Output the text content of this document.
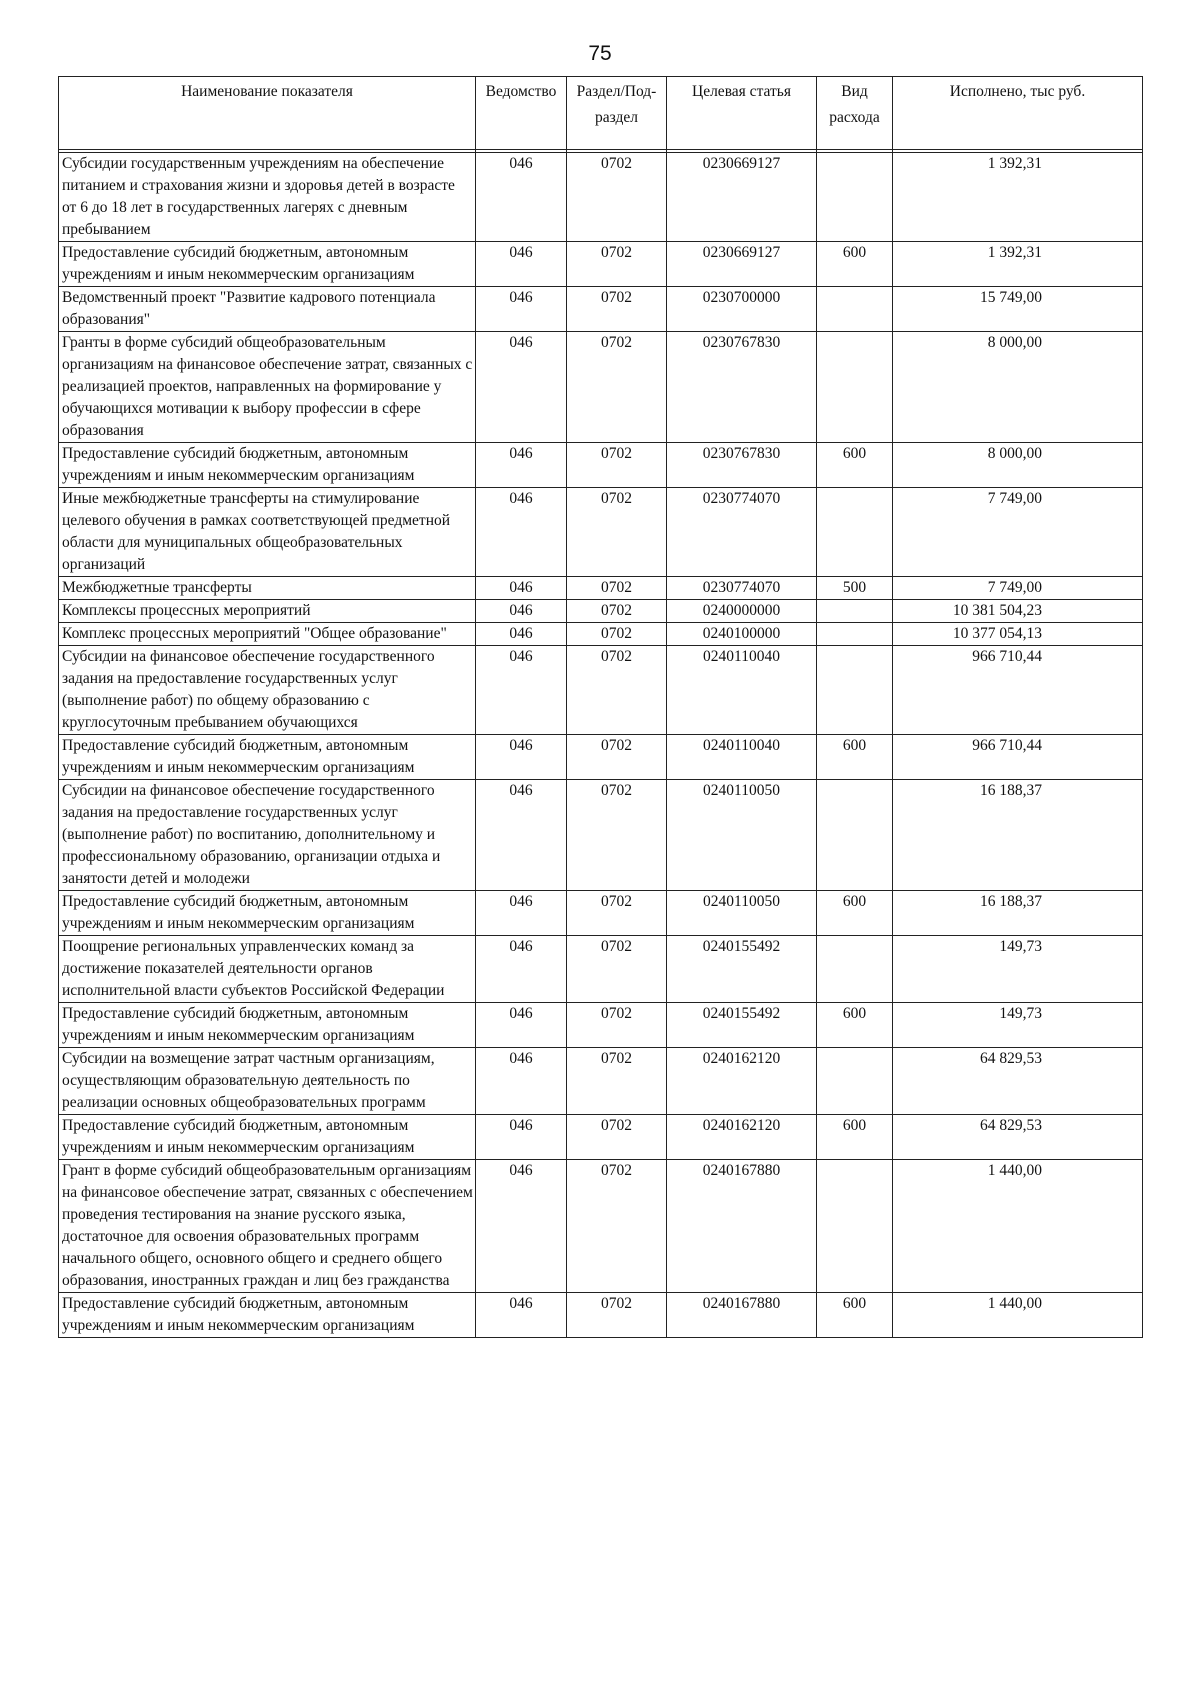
75
Наименование показателя	Ведомство	Раздел/Под-раздел	Целевая статья	Вид расхода	Исполнено, тыс руб.

Субсидии государственным учреждениям на обеспечение питанием и страхования жизни и здоровья детей в возрасте от 6 до 18 лет в государственных лагерях с дневным пребыванием	046	0702	0230669127		1 392,31
Предоставление субсидий бюджетным, автономным учреждениям и иным некоммерческим организациям	046	0702	0230669127	600	1 392,31
Ведомственный проект "Развитие кадрового потенциала образования"	046	0702	0230700000		15 749,00
Гранты в форме субсидий общеобразовательным организациям на финансовое обеспечение затрат, связанных с реализацией проектов, направленных на формирование у обучающихся мотивации к выбору профессии в сфере образования	046	0702	0230767830		8 000,00
Предоставление субсидий бюджетным, автономным учреждениям и иным некоммерческим организациям	046	0702	0230767830	600	8 000,00
Иные межбюджетные трансферты на стимулирование целевого обучения в рамках соответствующей предметной области для муниципальных общеобразовательных организаций	046	0702	0230774070		7 749,00
Межбюджетные трансферты	046	0702	0230774070	500	7 749,00
Комплексы процессных мероприятий	046	0702	0240000000		10 381 504,23
Комплекс процессных мероприятий "Общее образование"	046	0702	0240100000		10 377 054,13
Субсидии на финансовое обеспечение государственного задания на предоставление государственных услуг (выполнение работ) по общему образованию с круглосуточным пребыванием обучающихся	046	0702	0240110040		966 710,44
Предоставление субсидий бюджетным, автономным учреждениям и иным некоммерческим организациям	046	0702	0240110040	600	966 710,44
Субсидии на финансовое обеспечение государственного задания на предоставление государственных услуг (выполнение работ) по воспитанию, дополнительному и профессиональному образованию, организации отдыха и занятости детей и молодежи	046	0702	0240110050		16 188,37
Предоставление субсидий бюджетным, автономным учреждениям и иным некоммерческим организациям	046	0702	0240110050	600	16 188,37
Поощрение региональных управленческих команд за достижение показателей деятельности органов исполнительной власти субъектов Российской Федерации	046	0702	0240155492		149,73
Предоставление субсидий бюджетным, автономным учреждениям и иным некоммерческим организациям	046	0702	0240155492	600	149,73
Субсидии на возмещение затрат частным организациям, осуществляющим образовательную деятельность по реализации основных общеобразовательных программ	046	0702	0240162120		64 829,53
Предоставление субсидий бюджетным, автономным учреждениям и иным некоммерческим организациям	046	0702	0240162120	600	64 829,53
Грант в форме субсидий общеобразовательным организациям на финансовое обеспечение затрат, связанных с обеспечением проведения тестирования на знание русского языка, достаточное для освоения образовательных программ начального общего, основного общего и среднего общего образования, иностранных граждан и лиц без гражданства	046	0702	0240167880		1 440,00
Предоставление субсидий бюджетным, автономным учреждениям и иным некоммерческим организациям	046	0702	0240167880	600	1 440,00
